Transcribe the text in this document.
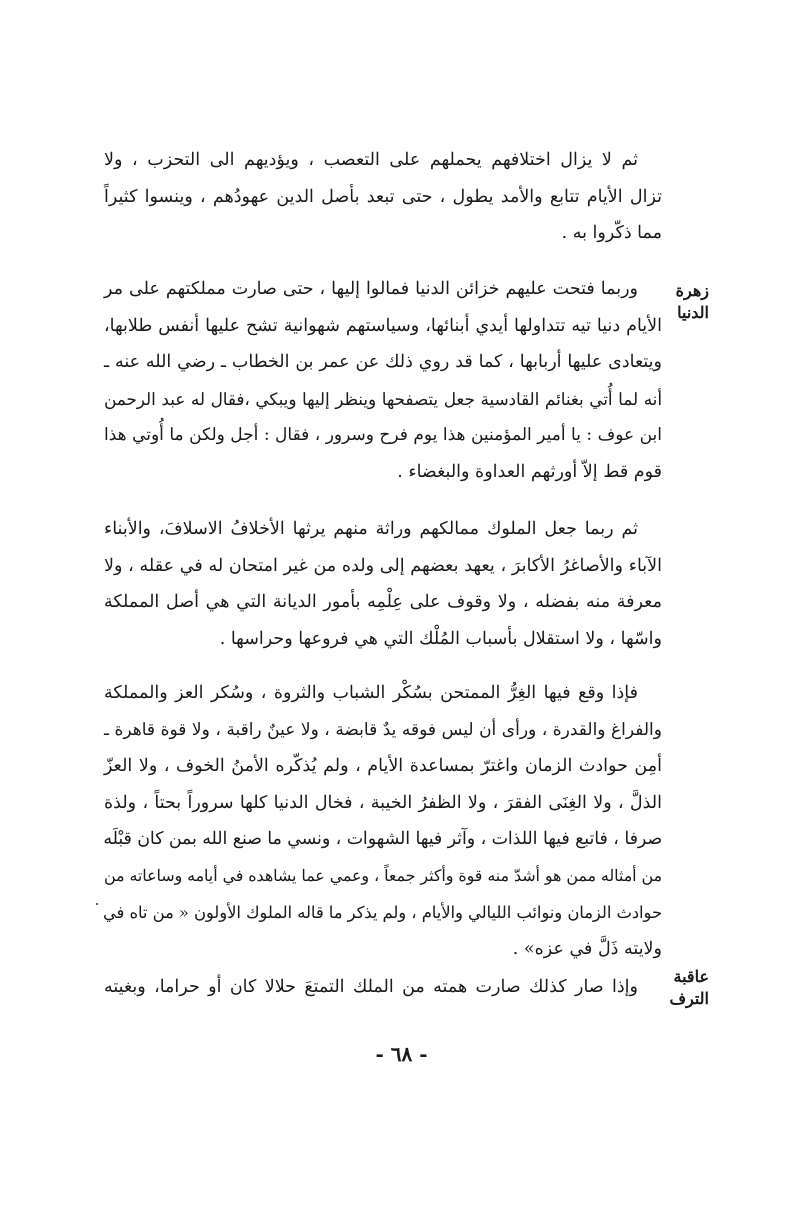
ثم لا يزال اختلافهم يحملهم على التعصب ، ويؤديهم الى التحزب ، ولا
تزال الأيام تتابع والأمد يطول ، حتى تبعد بأصل الدين عهودُهم ، وينسوا كثيراً
مما ذكّروا به .

زهرة
الدنيا

وربما فتحت عليهم خزائن الدنيا فمالوا إليها ، حتى صارت مملكتهم على مر
الأيام دنيا تيه تتداولها أيدي أبنائها، وسياستهم شهوانية تشح عليها أنفس طلابها،
ويتعادى عليها أربابها ، كما قد روي ذلك عن عمر بن الخطاب ـ رضي الله عنه ـ
أنه لما أُتي بغنائم القادسية جعل يتصفحها وينظر إليها ويبكي ،فقال له عبد الرحمن
ابن عوف : يا أمير المؤمنين هذا يوم فرح وسرور ، فقال : أجل ولكن ما أُوتي هذا
قوم قط إلاّ أورثهم العداوة والبغضاء .

ثم ربما جعل الملوك ممالكهم وراثة منهم يرثها الأخلافُ الاسلافَ، والأبناء
الآباء والأصاغرُ الأكابرَ ، يعهد بعضهم إلى ولده من غير امتحان له في عقله ، ولا
معرفة منه بفضله ، ولا وقوف على عِلْمِه بأمور الديانة التي هي أصل المملكة
واسّها ، ولا استقلال بأسباب المُلْك التي هي فروعها وحراسها .

فإذا وقع فيها الغِرُّ الممتحن بسُكْر الشباب والثروة ، وسُكر العز والمملكة
والفراغ والقدرة ، ورأى أن ليس فوقه يدٌ قابضة ، ولا عينٌ راقبة ، ولا قوة قاهرة ـ
أمِن حوادث الزمان واغترّ بمساعدة الأيام ، ولم يُذكّره الأمنُ الخوف ، ولا العزّ
الذلَّ ، ولا الغِنَى الفقرَ ، ولا الظفرُ الخيبة ، فخال الدنيا كلها سروراً بحتاً ، ولذة
صرفا ، فاتبع فيها اللذات ، وآثر فيها الشهوات ، ونسي ما صنع الله بمن كان قبْلَه
من أمثاله ممن هو أشدّ منه قوة وأكثر جمعاً ، وعمي عما يشاهده في أيامه وساعاته من
حوادث الزمان ونوائب الليالي والأيام ، ولم يذكر ما قاله الملوك الأولون « من تاه في
ولايته ذَلَّ في عزه» .

عاقبة
الترف

وإذا صار كذلك صارت همته من الملك التمتعَ حلالا كان أو حراما، وبغيته

- ٦٨ -
